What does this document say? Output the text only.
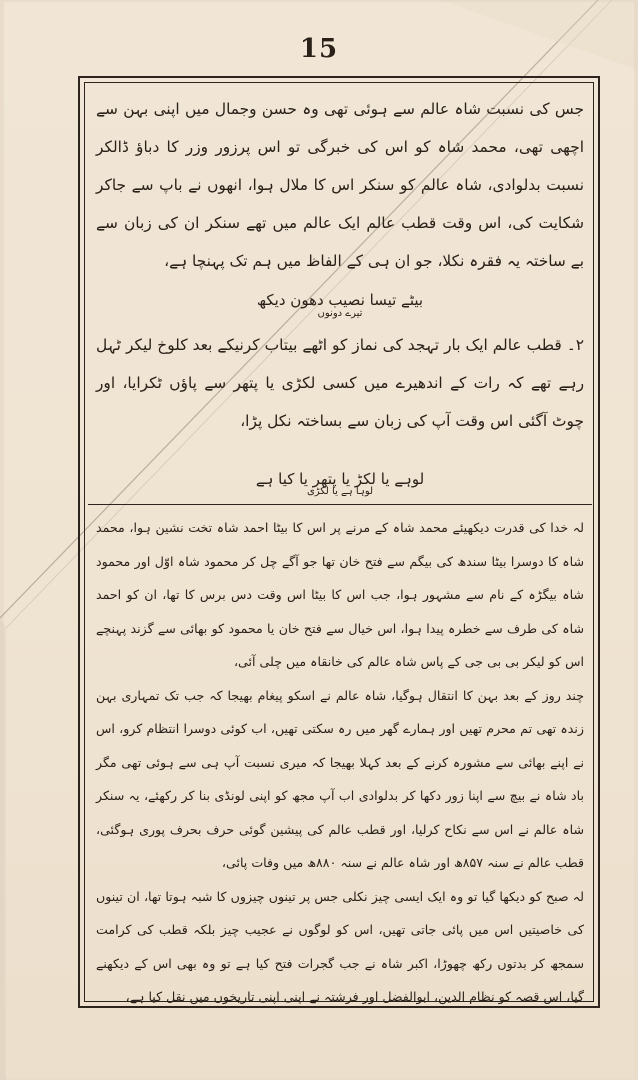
15

جس کی نسبت شاہ عالم سے ہوئی تھی وہ حسن وجمال میں اپنی بہن سے اچھی تھی، محمد شاہ کو اس کی خبرگی تو اس پرزور وزر کا دباؤ ڈالکر نسبت بدلوادی، شاہ عالم کو سنکر اس کا ملال ہوا، انھوں نے باپ سے جاکر شکایت کی، اس وقت قطب عالم ایک عالم میں تھے سنکر ان کی زبان سے بے ساختہ یہ فقرہ نکلا، جو ان ہی کے الفاظ میں ہم تک پہنچا ہے،

بیٹے تیسا نصیب دھون دیکھ
تیرے دونوں

۲۔ قطب عالم ایک بار تہجد کی نماز کو اٹھے بیتاب کرنیکے بعد کلوخ لیکر ٹہل رہے تھے کہ رات کے اندھیرے میں کسی لکڑی یا پتھر سے پاؤں ٹکرایا، اور چوٹ آگئی اس وقت آپ کی زبان سے بساختہ نکل پڑا،

لوہے یا لکڑ یا پتھر یا کیا ہے
لوہا ہے یا لکڑی

لہ خدا کی قدرت دیکھیئے محمد شاہ کے مرنے پر اس کا بیٹا احمد شاہ تخت نشین ہوا، محمد شاہ کا دوسرا بیٹا سندھ کی بیگم سے فتح خان تھا جو آگے چل کر محمود شاہ اوّل اور محمود شاہ بیگڑہ کے نام سے مشہور ہوا، جب اس کا بیٹا اس وقت دس برس کا تھا، ان کو احمد شاہ کی طرف سے خطرہ پیدا ہوا، اس خیال سے فتح خان یا محمود کو بھائی سے گزند پہنچے اس کو لیکر بی بی جی کے پاس شاہ عالم کی خانقاہ میں چلی آئی،

چند روز کے بعد بہن کا انتقال ہوگیا، شاہ عالم نے اسکو پیغام بھیجا کہ جب تک تمہاری بہن زندہ تھی تم محرم تھیں اور ہمارے گھر میں رہ سکتی تھیں، اب کوئی دوسرا انتظام کرو، اس نے اپنے بھائی سے مشورہ کرنے کے بعد کہلا بھیجا کہ میری نسبت آپ ہی سے ہوئی تھی مگر باد شاہ نے بیچ سے اپنا زور دکھا کر بدلوادی اب آپ مجھ کو اپنی لونڈی بنا کر رکھئے، یہ سنکر شاہ عالم نے اس سے نکاح کرلیا، اور قطب عالم کی پیشین گوئی حرف بحرف پوری ہوگئی، قطب عالم نے سنہ ۸۵۷ھ اور شاہ عالم نے سنہ ۸۸۰ھ میں وفات پائی،

لہ صبح کو دیکھا گیا تو وہ ایک ایسی چیز نکلی جس پر تینوں چیزوں کا شبہ ہوتا تھا، ان تینوں کی خاصیتیں اس میں پائی جاتی تھیں، اس کو لوگوں نے عجیب چیز بلکہ قطب کی کرامت سمجھ کر بدتوں رکھ چھوڑا، اکبر شاہ نے جب گجرات فتح کیا ہے تو وہ بھی اس کے دیکھنے گیا، اس قصہ کو نظام الدین، ابوالفضل اور فرشتہ نے اپنی اپنی تاریخوں میں نقل کیا ہے،
